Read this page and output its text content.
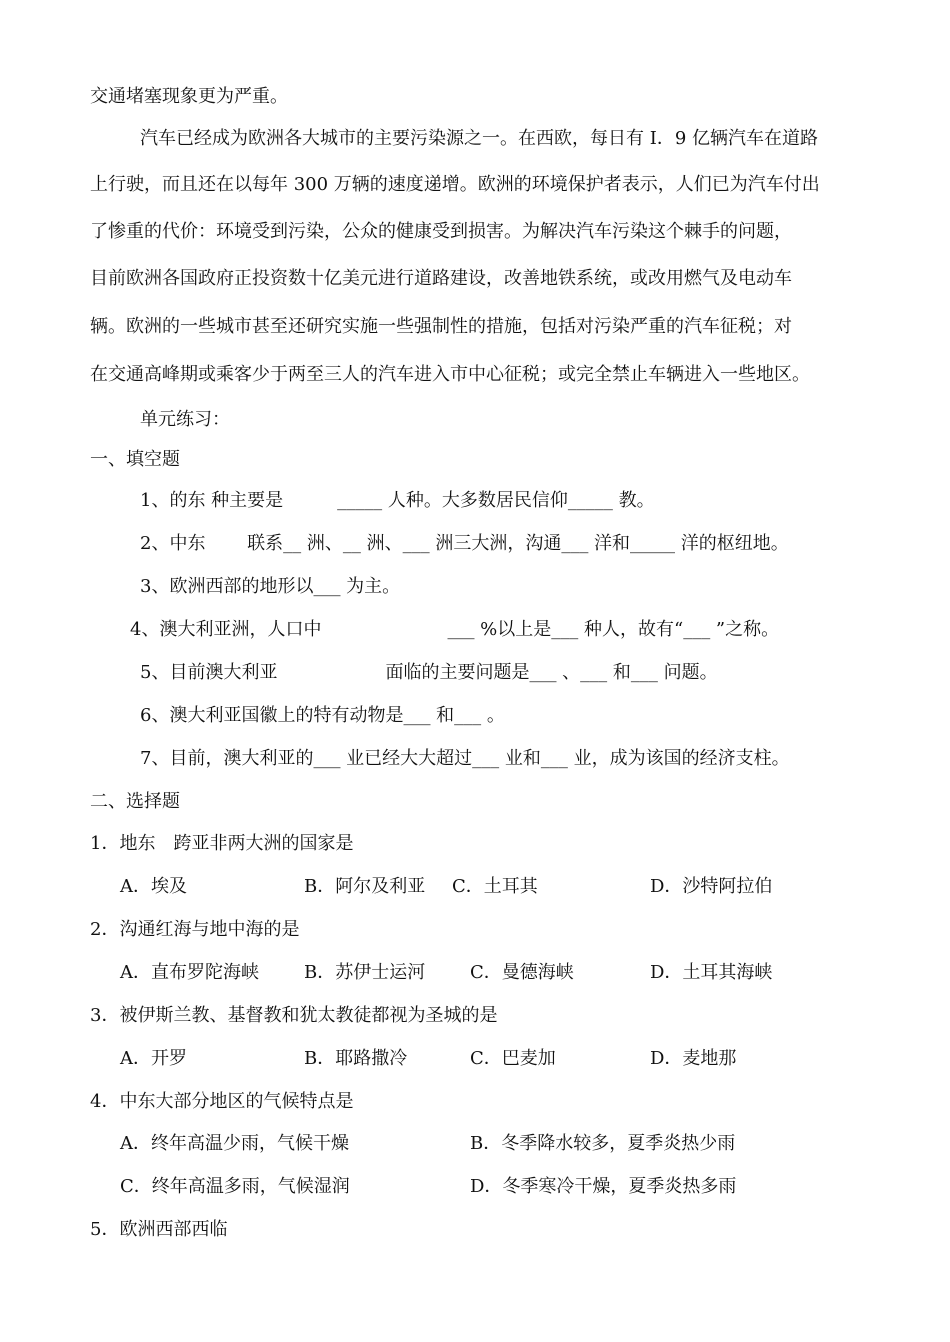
交通堵塞现象更为严重。
汽车已经成为欧洲各大城市的主要污染源之一。在西欧，每日有 I．9 亿辆汽车在道路
上行驶，而且还在以每年 300 万辆的速度递增。欧洲的环境保护者表示，人们已为汽车付出
了惨重的代价：环境受到污染，公众的健康受到损害。为解决汽车污染这个棘手的问题，
目前欧洲各国政府正投资数十亿美元进行道路建设，改善地铁系统，或改用燃气及电动车
辆。欧洲的一些城市甚至还研究实施一些强制性的措施，包括对污染严重的汽车征税；对
在交通高峰期或乘客少于两至三人的汽车进入市中心征税；或完全禁止车辆进入一些地区。
单元练习：
一、填空题
1、的东 种主要是　　　_____ 人种。大多数居民信仰_____ 教。
2、中东 　　联系__ 洲、__ 洲、___ 洲三大洲，沟通___ 洋和_____ 洋的枢纽地。
3、欧洲西部的地形以___ 为主。
4、澳大利亚洲，人口中　　　　　　　___ %以上是___ 种人，故有“___ ”之称。
5、目前澳大利亚　　　　　　面临的主要问题是___ 、___ 和___ 问题。
6、澳大利亚国徽上的特有动物是___ 和___ 。
7、目前，澳大利亚的___ 业已经大大超过___ 业和___ 业，成为该国的经济支柱。
二、选择题
1．地东　跨亚非两大洲的国家是
A．埃及	B．阿尔及利亚 C．土耳其	D．沙特阿拉伯
2．沟通红海与地中海的是
A．直布罗陀海峡	B．苏伊士运河 C．曼德海峡	D．土耳其海峡
3．被伊斯兰教、基督教和犹太教徒都视为圣城的是
A．开罗	B．耶路撒冷	C．巴麦加	D．麦地那
4．中东大部分地区的气候特点是
A．终年高温少雨，气候干燥	B．冬季降水较多，夏季炎热少雨
C．终年高温多雨，气候湿润	D．冬季寒冷干燥，夏季炎热多雨
5．欧洲西部西临
